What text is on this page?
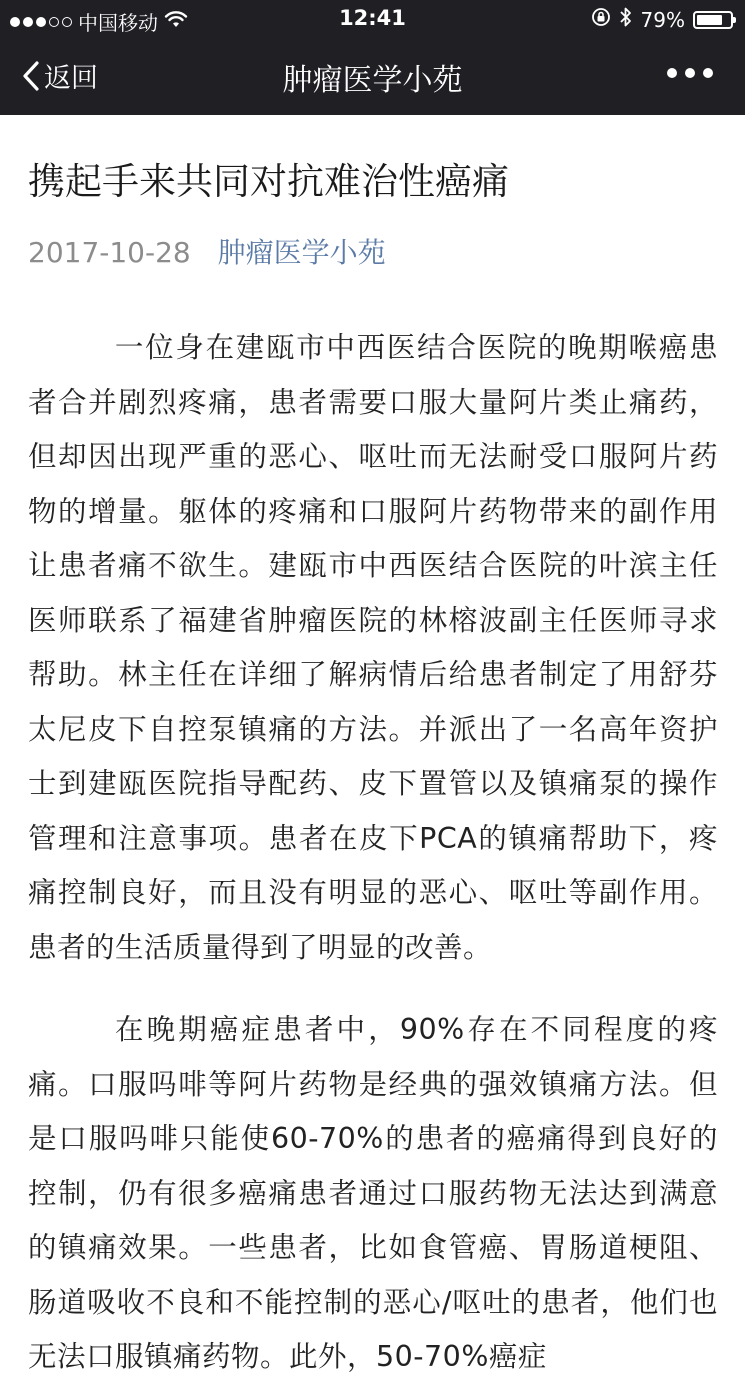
中国移动	12:41	79%
返回	肿瘤医学小苑
携起手来共同对抗难治性癌痛
2017-10-28 肿瘤医学小苑

一位身在建瓯市中西医结合医院的晚期喉癌患者合并剧烈疼痛，患者需要口服大量阿片类止痛药，但却因出现严重的恶心、呕吐而无法耐受口服阿片药物的增量。躯体的疼痛和口服阿片药物带来的副作用让患者痛不欲生。建瓯市中西医结合医院的叶滨主任医师联系了福建省肿瘤医院的林榕波副主任医师寻求帮助。林主任在详细了解病情后给患者制定了用舒芬太尼皮下自控泵镇痛的方法。并派出了一名高年资护士到建瓯医院指导配药、皮下置管以及镇痛泵的操作管理和注意事项。患者在皮下PCA的镇痛帮助下，疼痛控制良好，而且没有明显的恶心、呕吐等副作用。患者的生活质量得到了明显的改善。

在晚期癌症患者中，90%存在不同程度的疼痛。口服吗啡等阿片药物是经典的强效镇痛方法。但是口服吗啡只能使60-70%的患者的癌痛得到良好的控制，仍有很多癌痛患者通过口服药物无法达到满意的镇痛效果。一些患者，比如食管癌、胃肠道梗阻、肠道吸收不良和不能控制的恶心/呕吐的患者，他们也无法口服镇痛药物。此外，50-70%癌症
